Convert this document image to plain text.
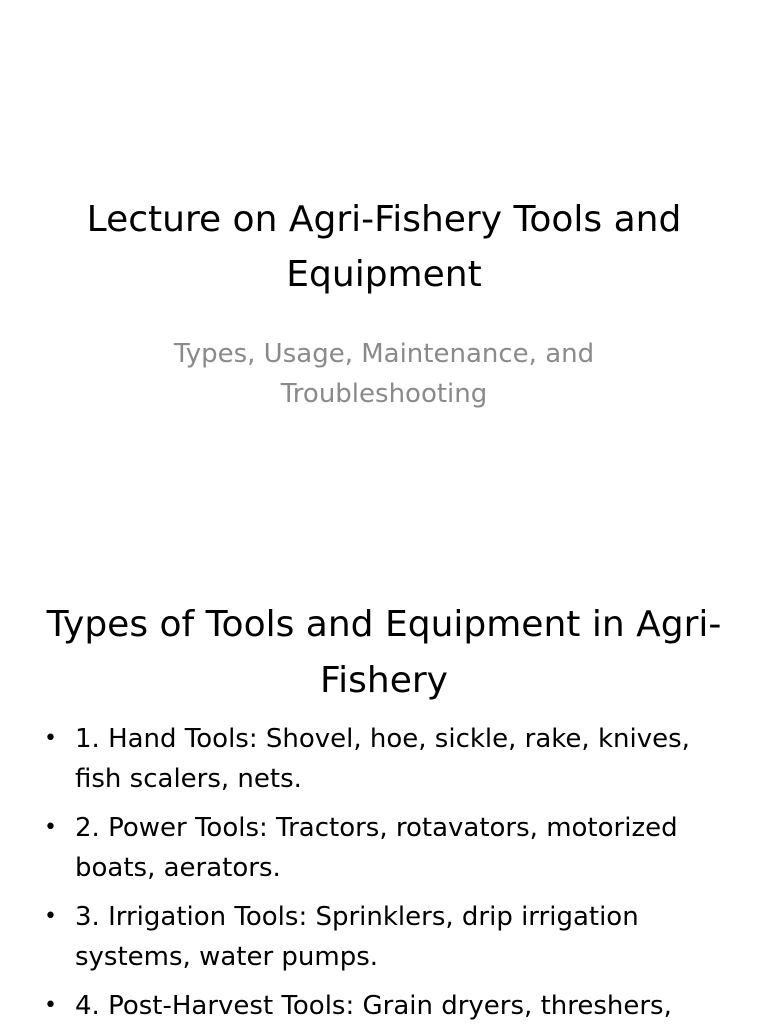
Lecture on Agri-Fishery Tools and Equipment

Types, Usage, Maintenance, and Troubleshooting

Types of Tools and Equipment in Agri-Fishery
• 1. Hand Tools: Shovel, hoe, sickle, rake, knives, fish scalers, nets.
• 2. Power Tools: Tractors, rotavators, motorized boats, aerators.
• 3. Irrigation Tools: Sprinklers, drip irrigation systems, water pumps.
• 4. Post-Harvest Tools: Grain dryers, threshers,
